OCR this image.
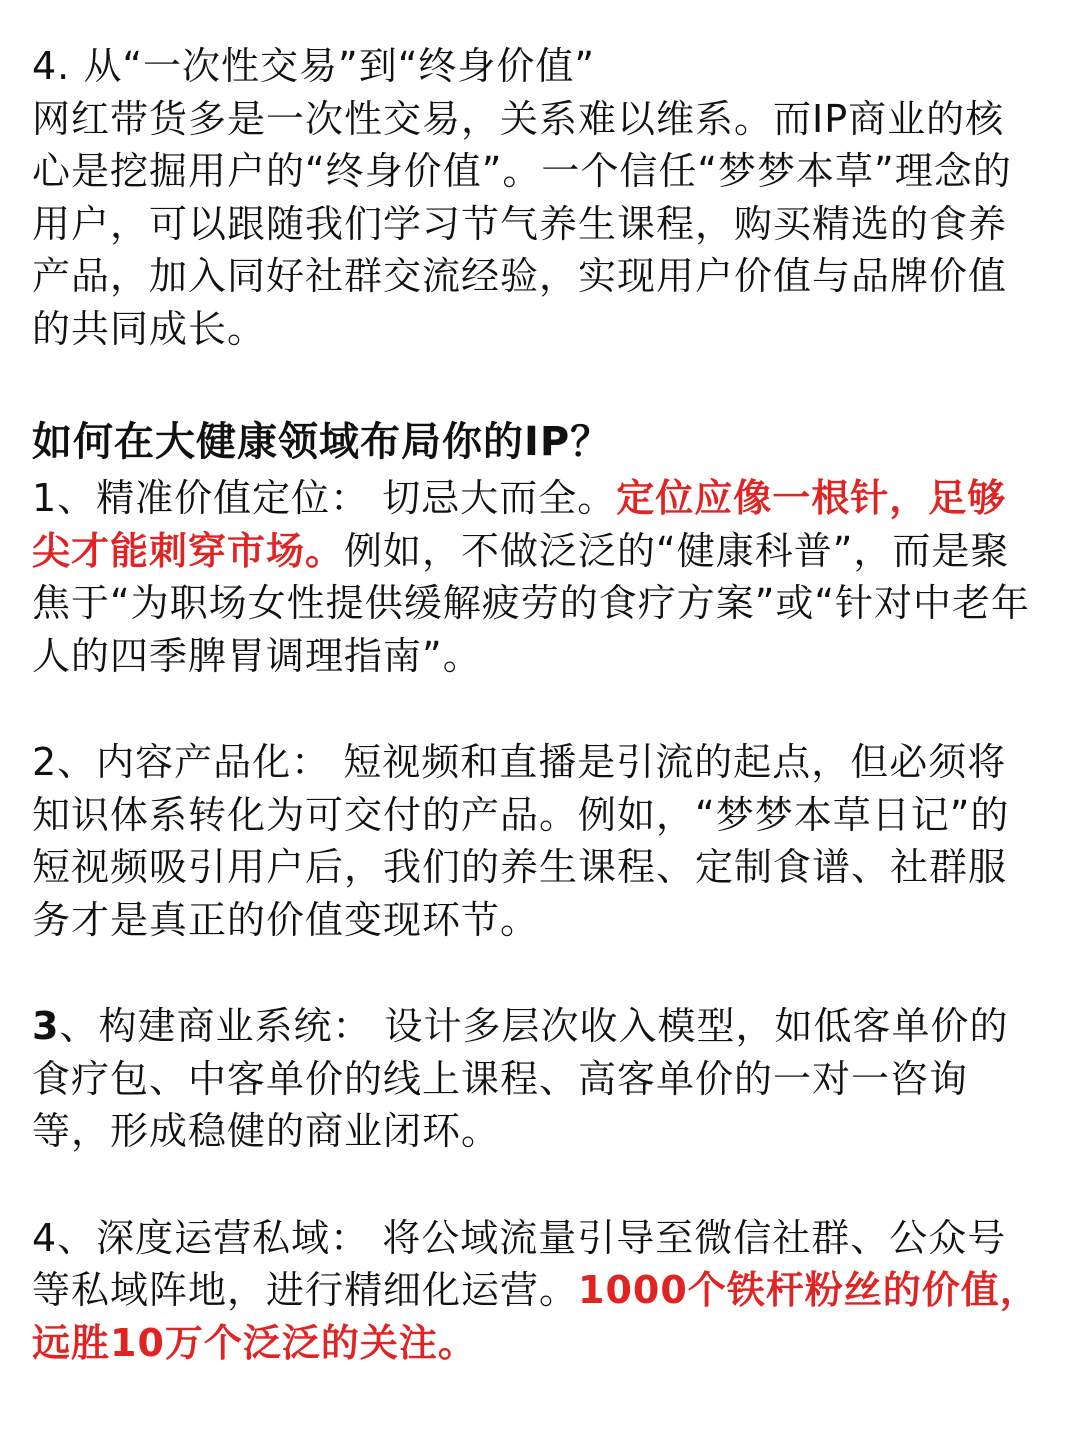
4. 从“一次性交易”到“终身价值”
网红带货多是一次性交易，关系难以维系。而IP商业的核心是挖掘用户的“终身价值”。一个信任“梦梦本草”理念的用户，可以跟随我们学习节气养生课程，购买精选的食养产品，加入同好社群交流经验，实现用户价值与品牌价值的共同成长。

如何在大健康领域布局你的IP？

1、精准价值定位： 切忌大而全。定位应像一根针，足够尖才能刺穿市场。例如，不做泛泛的“健康科普”，而是聚焦于“为职场女性提供缓解疲劳的食疗方案”或“针对中老年人的四季脾胃调理指南”。

2、内容产品化： 短视频和直播是引流的起点，但必须将知识体系转化为可交付的产品。例如，“梦梦本草日记”的短视频吸引用户后，我们的养生课程、定制食谱、社群服务才是真正的价值变现环节。

3、构建商业系统： 设计多层次收入模型，如低客单价的食疗包、中客单价的线上课程、高客单价的一对一咨询等，形成稳健的商业闭环。

4、深度运营私域： 将公域流量引导至微信社群、公众号等私域阵地，进行精细化运营。1000个铁杆粉丝的价值，远胜10万个泛泛的关注。
